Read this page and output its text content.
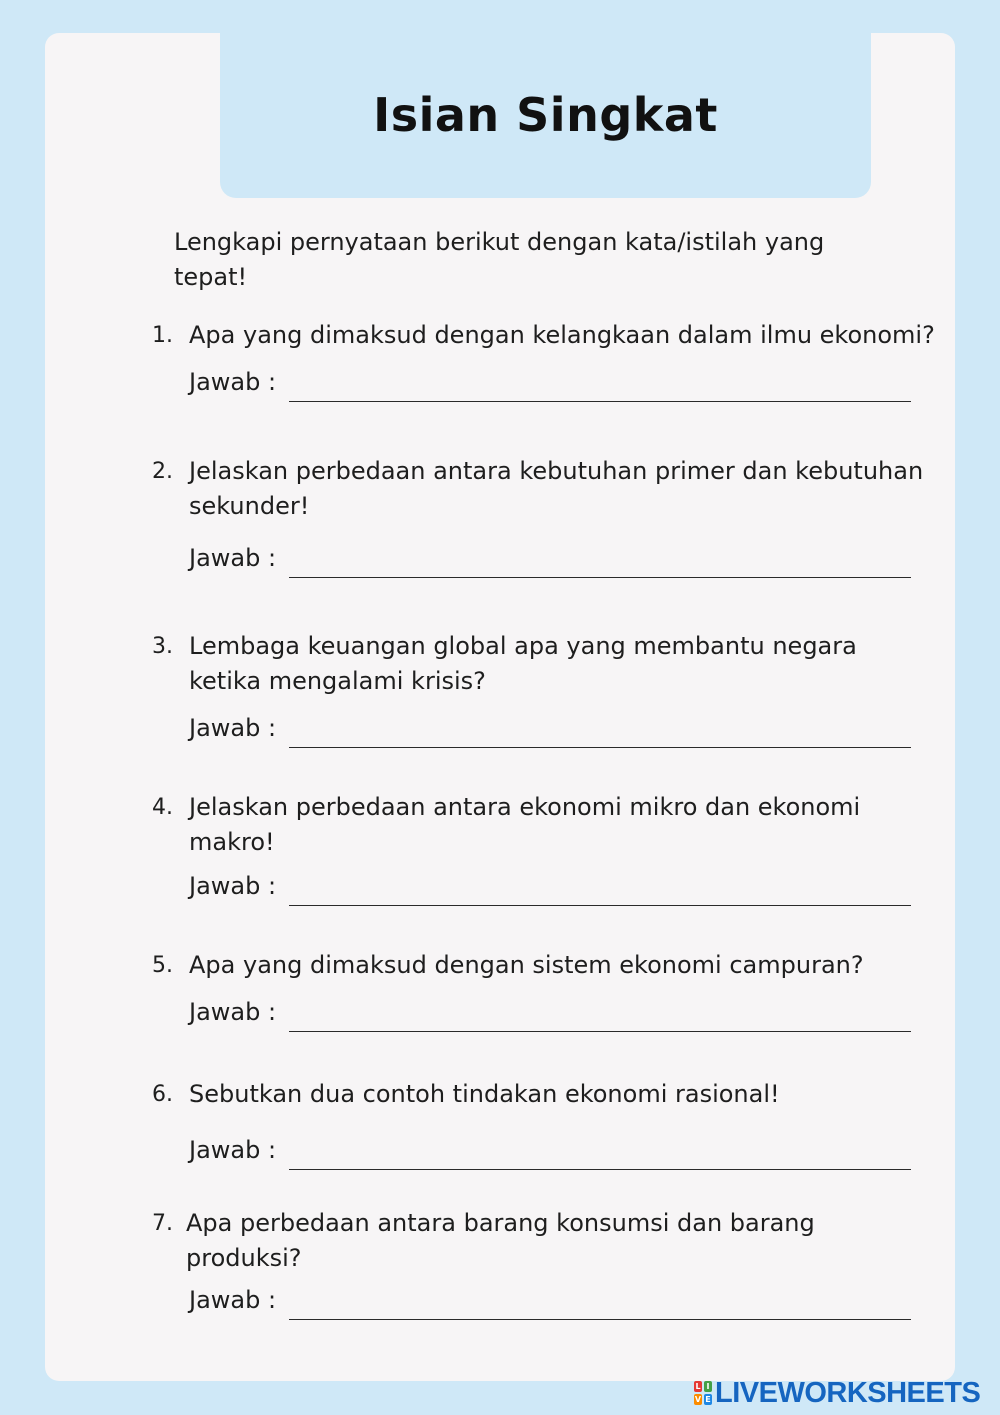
Isian Singkat

Lengkapi pernyataan berikut dengan kata/istilah yang tepat!

1. Apa yang dimaksud dengan kelangkaan dalam ilmu ekonomi?

Jawab :
2. Jelaskan perbedaan antara kebutuhan primer dan kebutuhan sekunder!

Jawab :
3. Lembaga keuangan global apa yang membantu negara ketika mengalami krisis?

Jawab :
4. Jelaskan perbedaan antara ekonomi mikro dan ekonomi makro!

Jawab :
5. Apa yang dimaksud dengan sistem ekonomi campuran?

Jawab :
6. Sebutkan dua contoh tindakan ekonomi rasional!

Jawab :
7. Apa perbedaan antara barang konsumsi dan barang produksi?

Jawab :
L I
V E LIVEWORKSHEETS
